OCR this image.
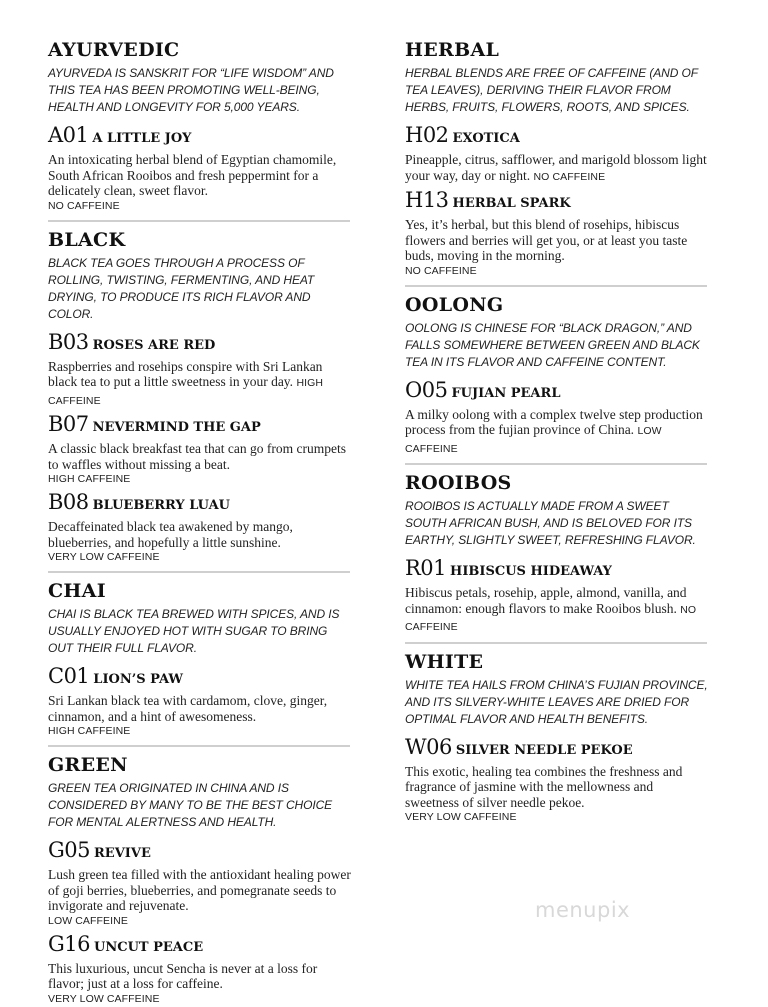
AYURVEDIC
AYURVEDA IS SANSKRIT FOR “LIFE WISDOM” AND THIS TEA HAS BEEN PROMOTING WELL-BEING, HEALTH AND LONGEVITY FOR 5,000 YEARS.
A01 A LITTLE JOY
An intoxicating herbal blend of Egyptian chamomile, South African Rooibos and fresh peppermint for a delicately clean, sweet flavor.
NO CAFFEINE
BLACK
BLACK TEA GOES THROUGH A PROCESS OF ROLLING, TWISTING, FERMENTING, AND HEAT DRYING, TO PRODUCE ITS RICH FLAVOR AND COLOR.
B03 ROSES ARE RED
Raspberries and rosehips conspire with Sri Lankan black tea to put a little sweetness in your day. HIGH CAFFEINE
B07 NEVERMIND THE GAP
A classic black breakfast tea that can go from crumpets to waffles without missing a beat.
HIGH CAFFEINE
B08 BLUEBERRY LUAU
Decaffeinated black tea awakened by mango, blueberries, and hopefully a little sunshine.
VERY LOW CAFFEINE
CHAI
CHAI IS BLACK TEA BREWED WITH SPICES, AND IS USUALLY ENJOYED HOT WITH SUGAR TO BRING OUT THEIR FULL FLAVOR.
C01 LION’S PAW
Sri Lankan black tea with cardamom, clove, ginger, cinnamon, and a hint of awesomeness.
HIGH CAFFEINE
GREEN
GREEN TEA ORIGINATED IN CHINA AND IS CONSIDERED BY MANY TO BE THE BEST CHOICE FOR MENTAL ALERTNESS AND HEALTH.
G05 REVIVE
Lush green tea filled with the antioxidant healing power of goji berries, blueberries, and pomegranate seeds to invigorate and rejuvenate.
LOW CAFFEINE
G16 UNCUT PEACE
This luxurious, uncut Sencha is never at a loss for flavor; just at a loss for caffeine.
VERY LOW CAFFEINE
HERBAL
HERBAL BLENDS ARE FREE OF CAFFEINE (AND OF TEA LEAVES), DERIVING THEIR FLAVOR FROM HERBS, FRUITS, FLOWERS, ROOTS, AND SPICES.
H02 EXOTICA
Pineapple, citrus, safflower, and marigold blossom light your way, day or night. NO CAFFEINE
H13 HERBAL SPARK
Yes, it’s herbal, but this blend of rosehips, hibiscus flowers and berries will get you, or at least you taste buds, moving in the morning.
NO CAFFEINE
OOLONG
OOLONG IS CHINESE FOR “BLACK DRAGON,” AND FALLS SOMEWHERE BETWEEN GREEN AND BLACK TEA IN ITS FLAVOR AND CAFFEINE CONTENT.
O05 FUJIAN PEARL
A milky oolong with a complex twelve step production process from the fujian province of China. LOW CAFFEINE
ROOIBOS
ROOIBOS IS ACTUALLY MADE FROM A SWEET SOUTH AFRICAN BUSH, AND IS BELOVED FOR ITS EARTHY, SLIGHTLY SWEET, REFRESHING FLAVOR.
R01 HIBISCUS HIDEAWAY
Hibiscus petals, rosehip, apple, almond, vanilla, and cinnamon: enough flavors to make Rooibos blush. NO CAFFEINE
WHITE
WHITE TEA HAILS FROM CHINA’S FUJIAN PROVINCE, AND ITS SILVERY-WHITE LEAVES ARE DRIED FOR OPTIMAL FLAVOR AND HEALTH BENEFITS.
W06 SILVER NEEDLE PEKOE
This exotic, healing tea combines the freshness and fragrance of jasmine with the mellowness and sweetness of silver needle pekoe.
VERY LOW CAFFEINE
menupix
